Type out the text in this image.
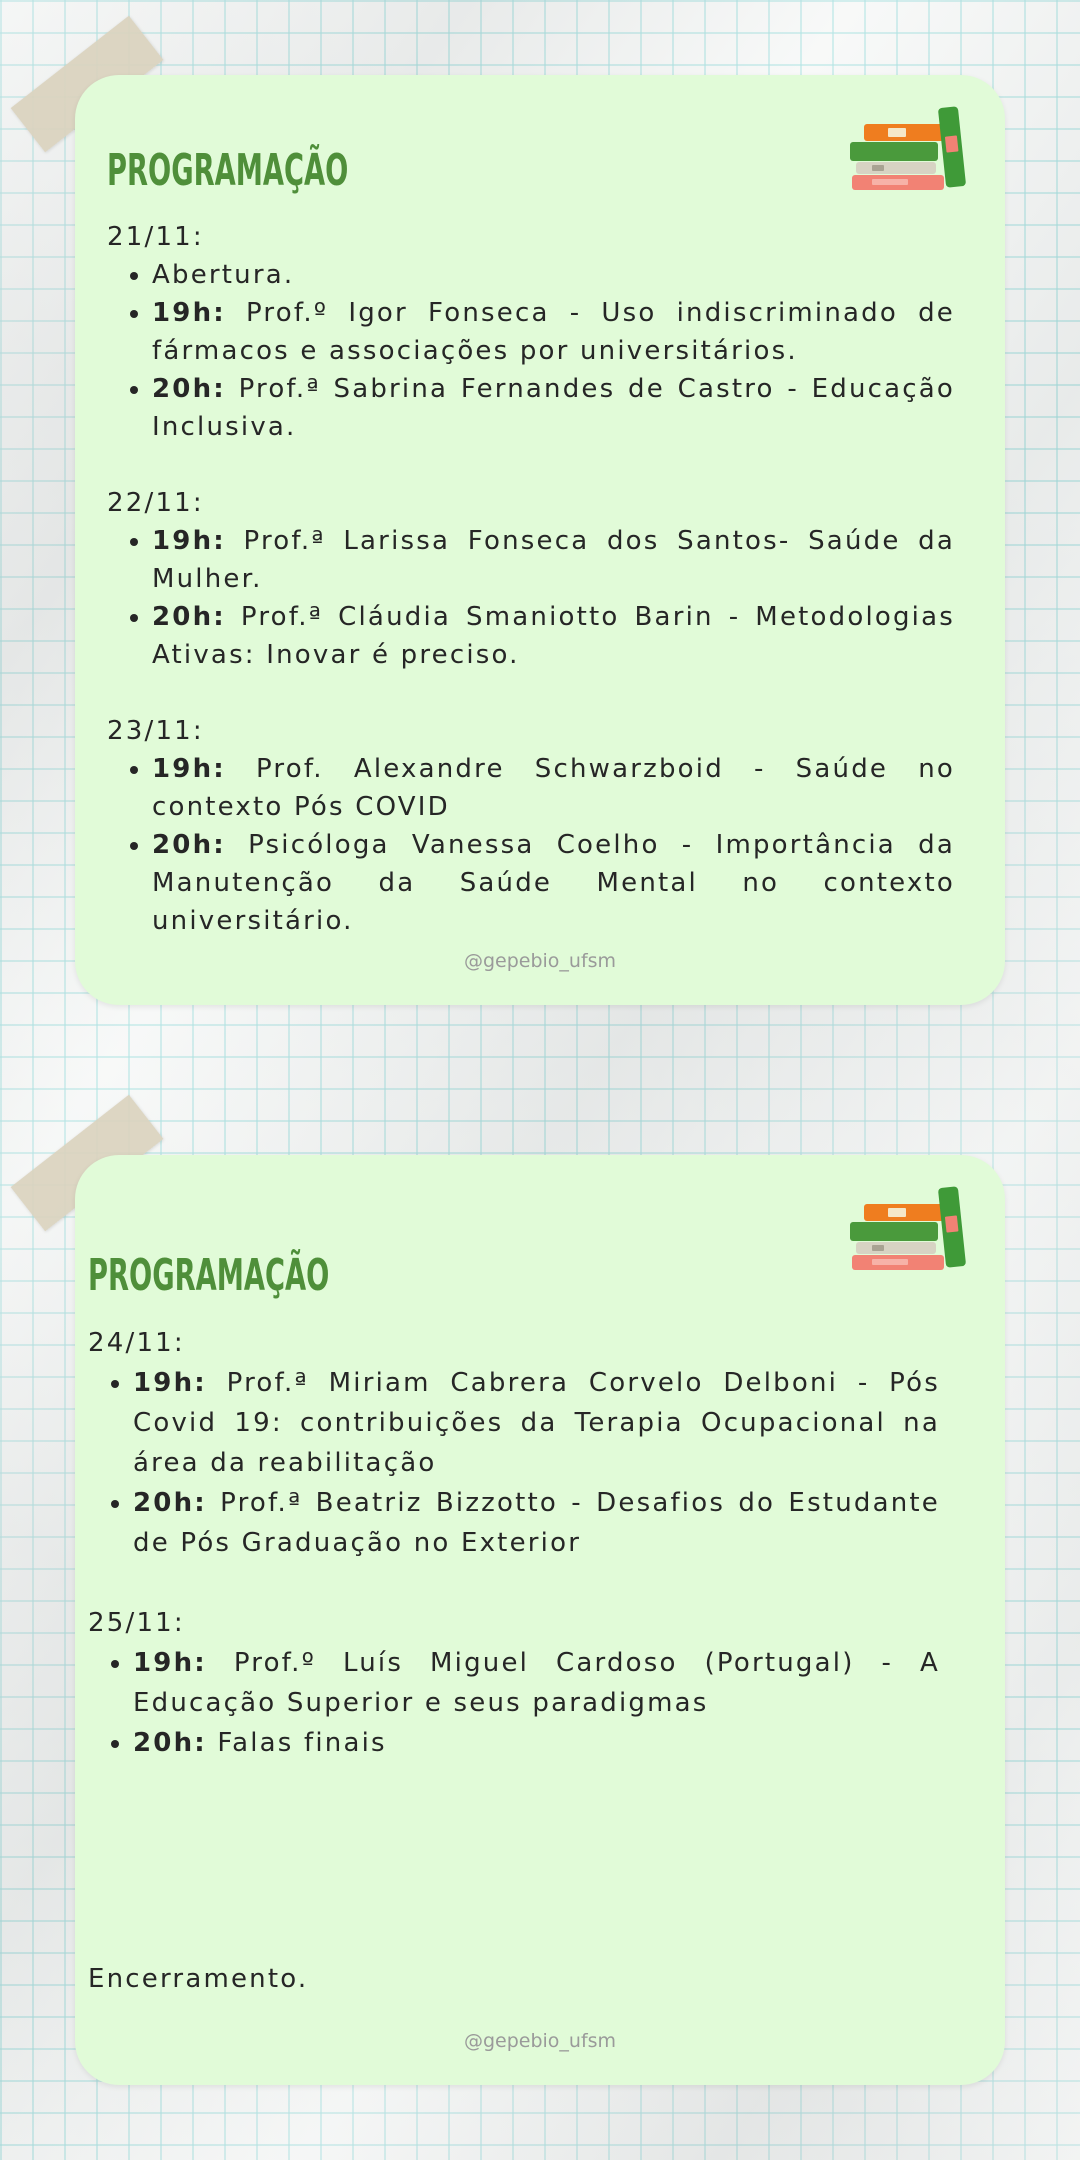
PROGRAMAÇÃO

21/11:

• Abertura.
• 19h: Prof.º Igor Fonseca - Uso indiscriminado de fármacos e associações por universitários.
• 20h: Prof.ª Sabrina Fernandes de Castro - Educação Inclusiva.

22/11:

• 19h: Prof.ª Larissa Fonseca dos Santos- Saúde da Mulher.
• 20h: Prof.ª Cláudia Smaniotto Barin - Metodologias Ativas: Inovar é preciso.

23/11:

• 19h: Prof. Alexandre Schwarzboid - Saúde no contexto Pós COVID
• 20h: Psicóloga Vanessa Coelho - Importância da Manutenção da Saúde Mental no contexto universitário.
@gepebio_ufsm
PROGRAMAÇÃO

24/11:

• 19h: Prof.ª Miriam Cabrera Corvelo Delboni - Pós Covid 19: contribuições da Terapia Ocupacional na área da reabilitação
• 20h: Prof.ª Beatriz Bizzotto - Desafios do Estudante de Pós Graduação no Exterior

25/11:

• 19h: Prof.º Luís Miguel Cardoso (Portugal) - A Educação Superior e seus paradigmas
• 20h: Falas finais

Encerramento.

@gepebio_ufsm
